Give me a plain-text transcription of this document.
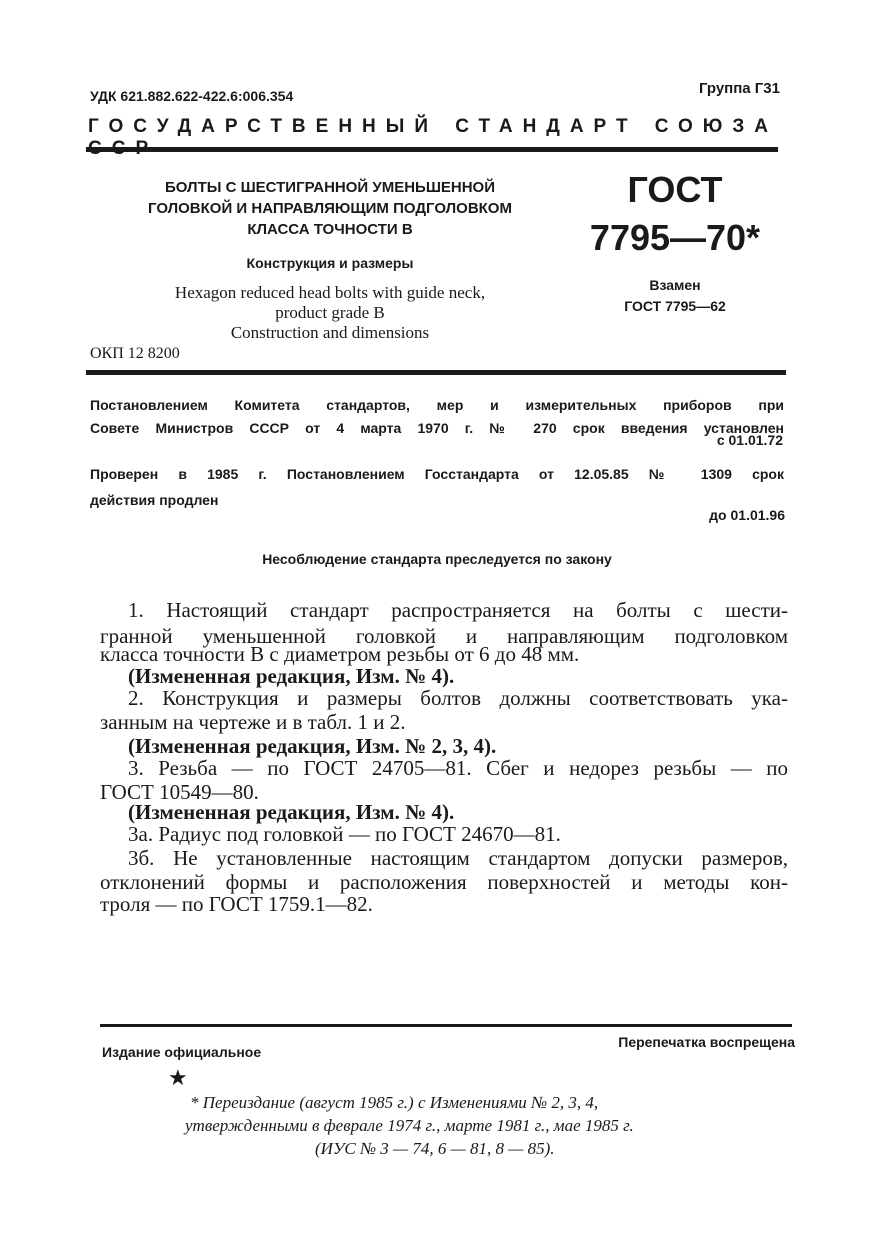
УДК 621.882.622-422.6:006.354	Группа Г31
ГОСУДАРСТВЕННЫЙ СТАНДАРТ СОЮЗА
БОЛТЫ С ШЕСТИГРАННОЙ УМЕНЬШЕННОЙ
ГОЛОВКОЙ И НАПРАВЛЯЮЩИМ ПОДГОЛОВКОМ
КЛАССА ТОЧНОСТИ В
Конструкция и размеры
Hexagon reduced head bolts with guide neck,
product grade B
Construction and dimensions
ОКП 12 8200
ГОСТ
7795—70*
Взамен
ГОСТ 7795—62
Постановлением Комитета стандартов, мер и измерительных приборов при
Совете Министров СССР от 4 марта 1970 г. № 270 срок введения установлен
с 01.01.72
Проверен в 1985 г. Постановлением Госстандарта от 12.05.85 № 1309 срок
действия продлен
до 01.01.96
Несоблюдение стандарта преследуется по закону
1. Настоящий стандарт распространяется на болты с шести-
гранной уменьшенной головкой и направляющим подголовком
класса точности В с диаметром резьбы от 6 до 48 мм.
(Измененная редакция, Изм. № 4).
2. Конструкция и размеры болтов должны соответствовать ука-
занным на чертеже и в табл. 1 и 2.
(Измененная редакция, Изм. № 2, 3, 4).
3. Резьба — по ГОСТ 24705—81. Сбег и недорез резьбы — по
ГОСТ 10549—80.
(Измененная редакция, Изм. № 4).
3а. Радиус под головкой — по ГОСТ 24670—81.
3б. Не установленные настоящим стандартом допуски размеров,
отклонений формы и расположения поверхностей и методы кон-
троля — по ГОСТ 1759.1—82.
Издание официальное
Перепечатка воспрещена
★
* Переиздание (август 1985 г.) с Изменениями № 2, 3, 4,
утвержденными в феврале 1974 г., марте 1981 г., мае 1985 г.
(ИУС № 3 — 74, 6 — 81, 8 — 85).
